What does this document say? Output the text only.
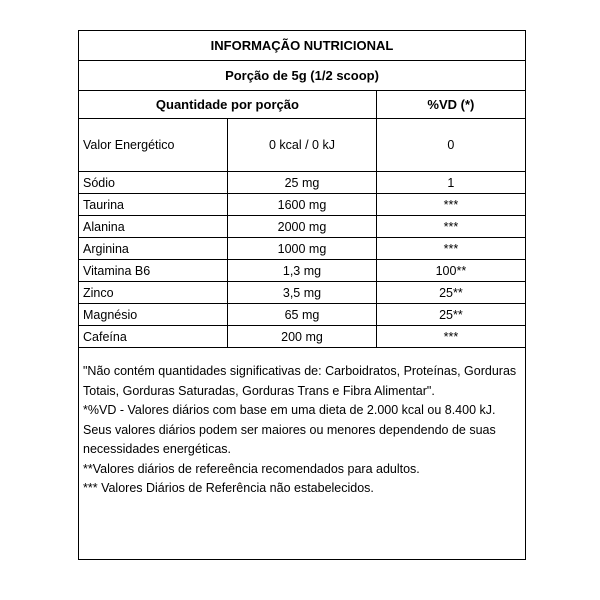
INFORMAÇÃO NUTRICIONAL		
Porção de 5g (1/2 scoop)		
Quantidade por porção		%VD (*)
Valor Energético	0 kcal / 0 kJ	0
Sódio	25 mg	1
Taurina	1600 mg	***
Alanina	2000 mg	***
Arginina	1000 mg	***
Vitamina B6	1,3 mg	100**
Zinco	3,5 mg	25**
Magnésio	65 mg	25**
Cafeína	200 mg	***

"Não contém quantidades significativas de: Carboidratos, Proteínas, Gorduras Totais, Gorduras Saturadas, Gorduras Trans e Fibra Alimentar".

*%VD - Valores diários com base em uma dieta de 2.000 kcal ou 8.400 kJ. Seus valores diários podem ser maiores ou menores dependendo de suas necessidades energéticas.

**Valores diários de refereência recomendados para adultos.

*** Valores Diários de Referência não estabelecidos.
